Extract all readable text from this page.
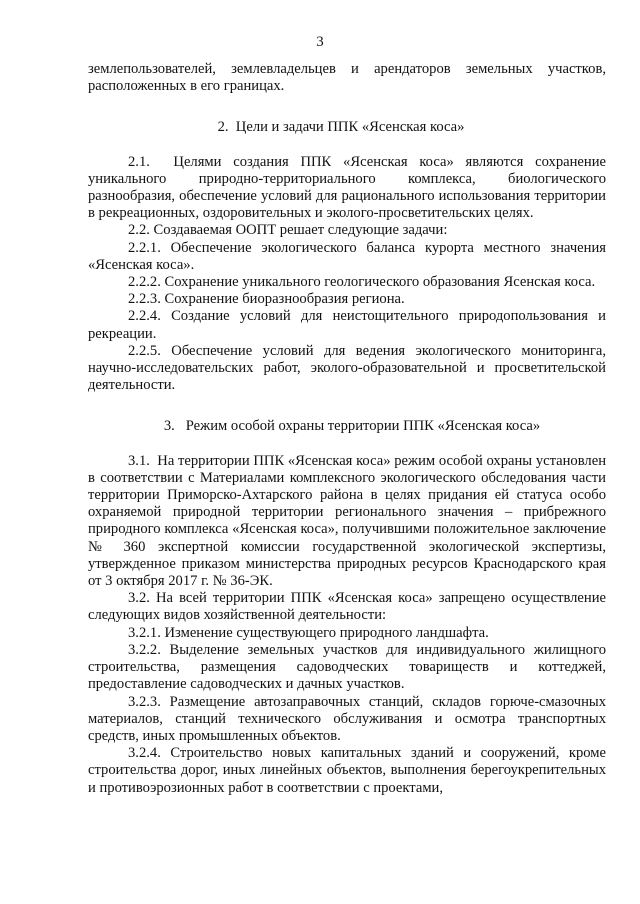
3

землепользователей, землевладельцев и арендаторов земельных участков, расположенных в его границах.

2.  Цели и задачи ППК «Ясенская коса»

2.1.  Целями создания ППК «Ясенская коса» являются сохранение уникального природно-территориального комплекса, биологического разнообразия, обеспечение условий для рационального использования территории в рекреационных, оздоровительных и эколого-просветительских целях.

2.2. Создаваемая ООПТ решает следующие задачи:

2.2.1. Обеспечение экологического баланса курорта местного значения «Ясенская коса».

2.2.2. Сохранение уникального геологического образования Ясенская коса.

2.2.3. Сохранение биоразнообразия региона.

2.2.4. Создание условий для неистощительного природопользования и рекреации.

2.2.5. Обеспечение условий для ведения экологического мониторинга, научно-исследовательских работ, эколого-образовательной и просветительской деятельности.

3.   Режим особой охраны территории ППК «Ясенская коса»

3.1.  На территории ППК «Ясенская коса» режим особой охраны установлен в соответствии с Материалами комплексного экологического обследования части территории Приморско-Ахтарского района в целях придания ей статуса особо охраняемой природной территории регионального значения – прибрежного природного комплекса «Ясенская коса», получившими положительное заключение № 360 экспертной комиссии государственной экологической экспертизы, утвержденное приказом министерства природных ресурсов Краснодарского края от 3 октября 2017 г. № 36-ЭК.

3.2. На всей территории ППК «Ясенская коса» запрещено осуществление следующих видов хозяйственной деятельности:

3.2.1. Изменение существующего природного ландшафта.

3.2.2. Выделение земельных участков для индивидуального жилищного строительства, размещения садоводческих товариществ и коттеджей, предоставление садоводческих и дачных участков.

3.2.3. Размещение автозаправочных станций, складов горюче-смазочных материалов, станций технического обслуживания и осмотра транспортных средств, иных промышленных объектов.

3.2.4. Строительство новых капитальных зданий и сооружений, кроме строительства дорог, иных линейных объектов, выполнения берегоукрепительных и противоэрозионных работ в соответствии с проектами,
